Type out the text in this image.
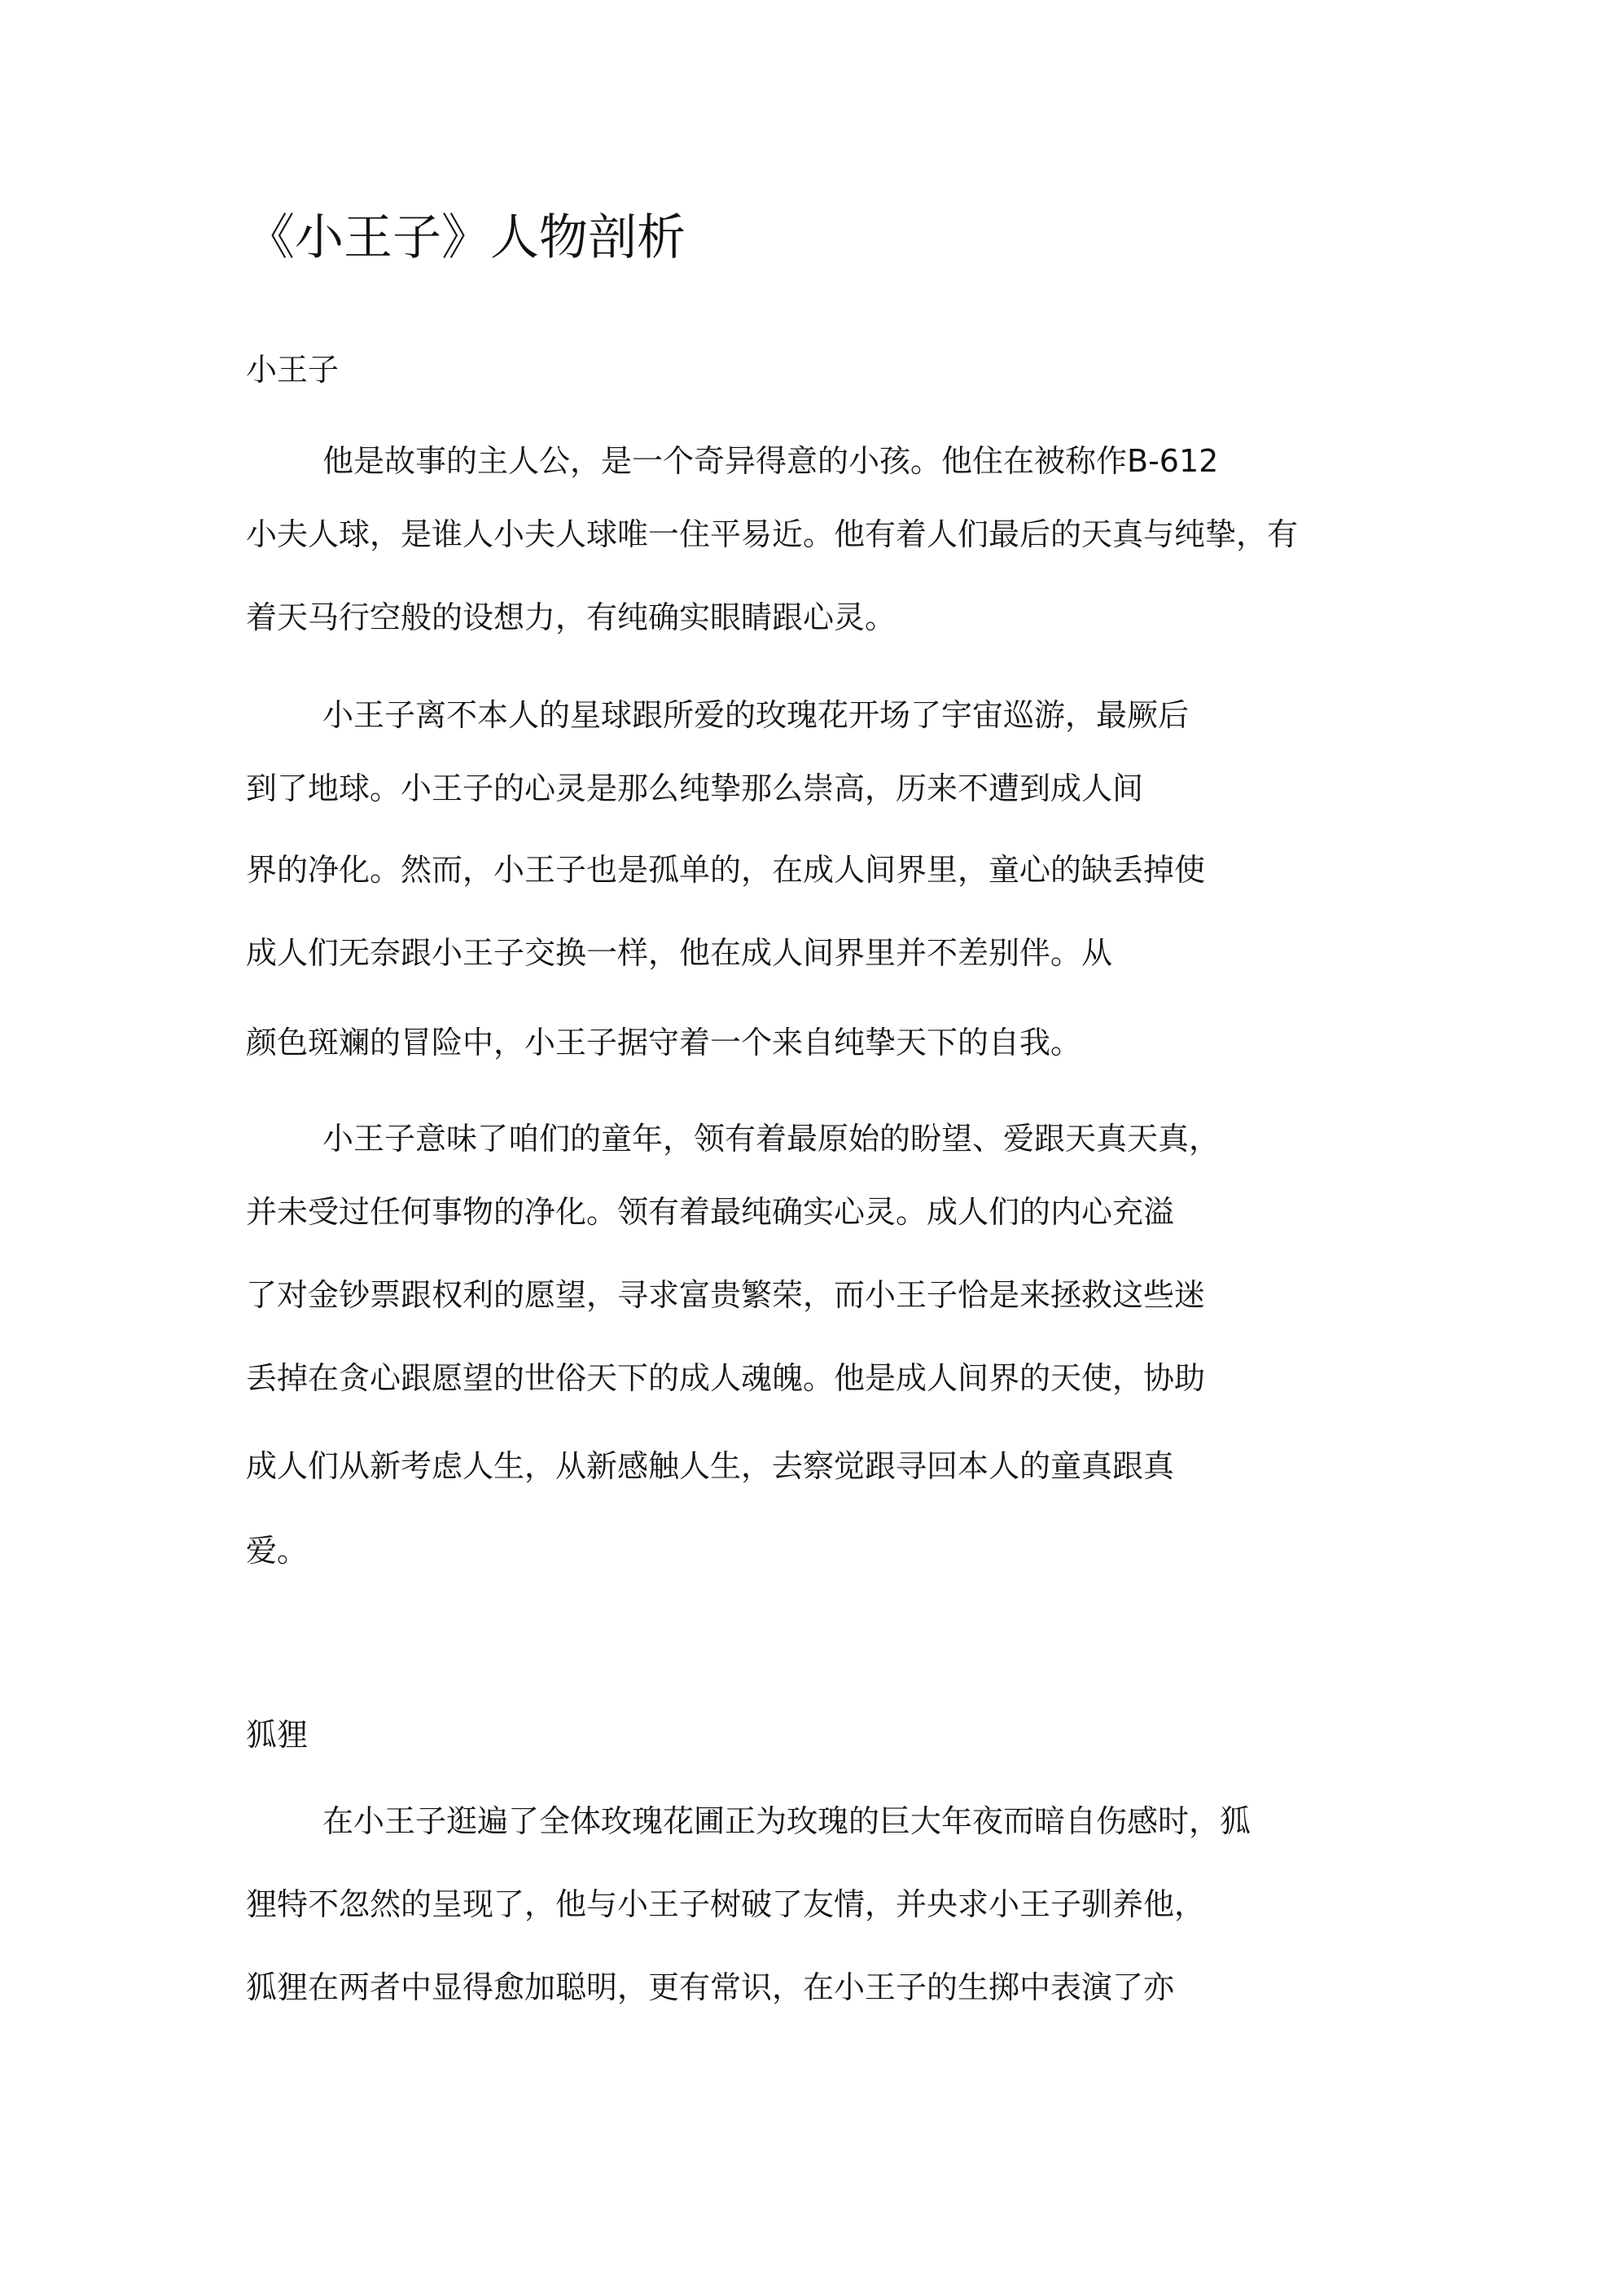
《小王子》人物剖析
小王子
他是故事的主人公，是一个奇异得意的小孩。他住在被称作B-612
小夫人球，是谁人小夫人球唯一住平易近。他有着人们最后的天真与纯挚，有
着天马行空般的设想力，有纯确实眼睛跟心灵。
小王子离不本人的星球跟所爱的玫瑰花开场了宇宙巡游，最厥后
到了地球。小王子的心灵是那么纯挚那么崇高，历来不遭到成人间
界的净化。然而，小王子也是孤单的，在成人间界里，童心的缺丢掉使
成人们无奈跟小王子交换一样，他在成人间界里并不差别伴。从
颜色斑斓的冒险中，小王子据守着一个来自纯挚天下的自我。
小王子意味了咱们的童年，领有着最原始的盼望、爱跟天真天真，
并未受过任何事物的净化。领有着最纯确实心灵。成人们的内心充溢
了对金钞票跟权利的愿望，寻求富贵繁荣，而小王子恰是来拯救这些迷
丢掉在贪心跟愿望的世俗天下的成人魂魄。他是成人间界的天使，协助
成人们从新考虑人生，从新感触人生，去察觉跟寻回本人的童真跟真
爱。
狐狸
在小王子逛遍了全体玫瑰花圃正为玫瑰的巨大年夜而暗自伤感时，狐
狸特不忽然的呈现了，他与小王子树破了友情，并央求小王子驯养他，
狐狸在两者中显得愈加聪明，更有常识，在小王子的生掷中表演了亦
